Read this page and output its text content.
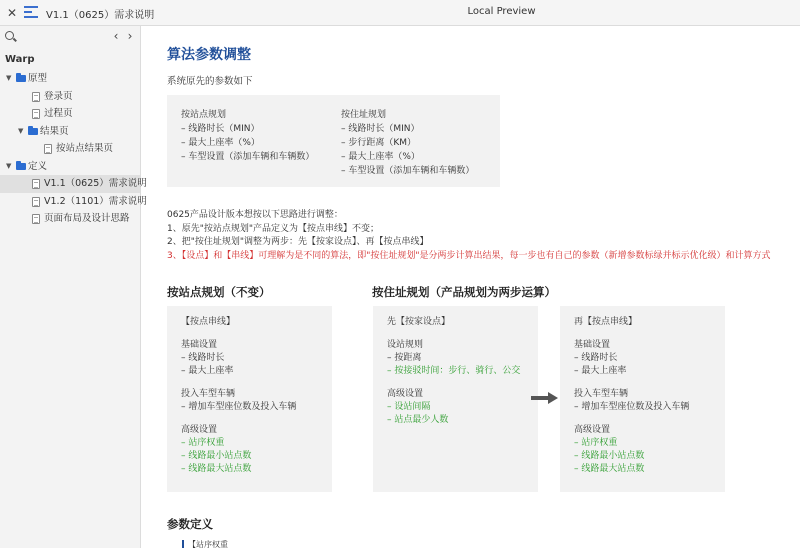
✕	V1.1（0625）需求说明	Local Preview
‹ ›
Warp
▼ 原型
登录页
过程页
▼ 结果页
按站点结果页
▼ 定义
V1.1（0625）需求说明
V1.2（1101）需求说明
页面布局及设计思路
算法参数调整
系统原先的参数如下
按站点规划
– 线路时长（MIN）
– 最大上座率（%）
– 车型设置（添加车辆和车辆数）
按住址规划
– 线路时长（MIN）
– 步行距离（KM）
– 最大上座率（%）
– 车型设置（添加车辆和车辆数）
0625产品设计版本想按以下思路进行调整：
1、原先"按站点规划"产品定义为【按点串线】不变；
2、把"按住址规划"调整为两步：先【按家设点】、再【按点串线】
3、【设点】和【串线】可理解为是不同的算法，即"按住址规划"是分两步计算出结果，每一步也有自己的参数（新增参数标绿并标示优化级）和计算方式
按站点规划（不变）	按住址规划（产品规划为两步运算）
【按点串线】
基础设置
– 线路时长
– 最大上座率
投入车型车辆
– 增加车型座位数及投入车辆
高级设置
– 站序权重
– 线路最小站点数
– 线路最大站点数
先【按家设点】
设站规则
– 按距离
– 按接驳时间：步行、骑行、公交
高级设置
– 设站间隔
– 站点最少人数
再【按点串线】
基础设置
– 线路时长
– 最大上座率
投入车型车辆
– 增加车型座位数及投入车辆
高级设置
– 站序权重
– 线路最小站点数
– 线路最大站点数
参数定义
【站序权重
